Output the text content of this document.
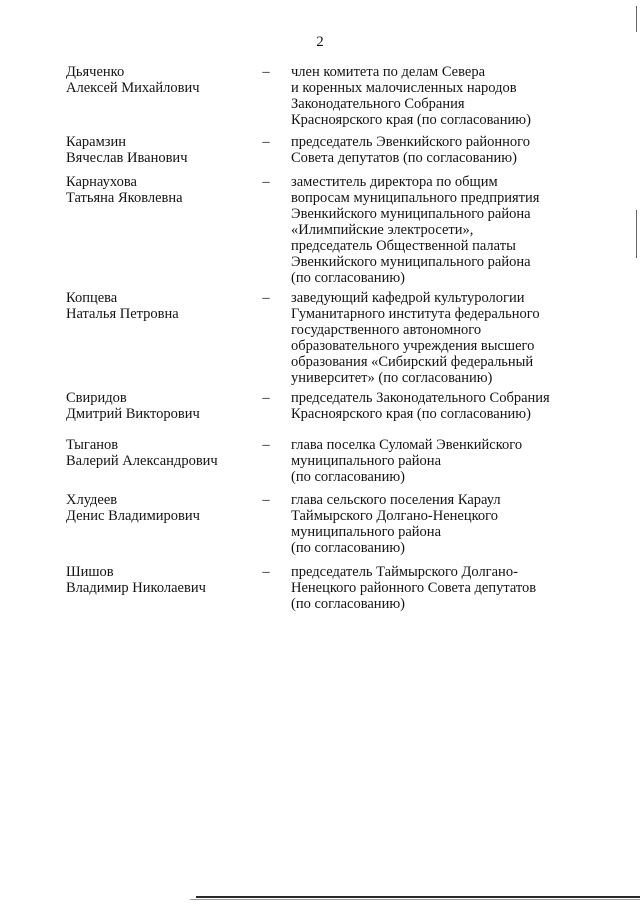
2
Дьяченко
Алексей Михайлович
– член комитета по делам Севера
и коренных малочисленных народов
Законодательного Собрания
Красноярского края (по согласованию)
Карамзин
Вячеслав Иванович
– председатель Эвенкийского районного
Совета депутатов (по согласованию)
Карнаухова
Татьяна Яковлевна
– заместитель директора по общим
вопросам муниципального предприятия
Эвенкийского муниципального района
«Илимпийские электросети»,
председатель Общественной палаты
Эвенкийского муниципального района
(по согласованию)
Копцева
Наталья Петровна
– заведующий кафедрой культурологии
Гуманитарного института федерального
государственного автономного
образовательного учреждения высшего
образования «Сибирский федеральный
университет» (по согласованию)
Свиридов
Дмитрий Викторович
– председатель Законодательного Собрания
Красноярского края (по согласованию)
Тыганов
Валерий Александрович
– глава поселка Суломай Эвенкийского
муниципального района
(по согласованию)
Хлудеев
Денис Владимирович
– глава сельского поселения Караул
Таймырского Долгано-Ненецкого
муниципального района
(по согласованию)
Шишов
Владимир Николаевич
– председатель Таймырского Долгано-
Ненецкого районного Совета депутатов
(по согласованию)
